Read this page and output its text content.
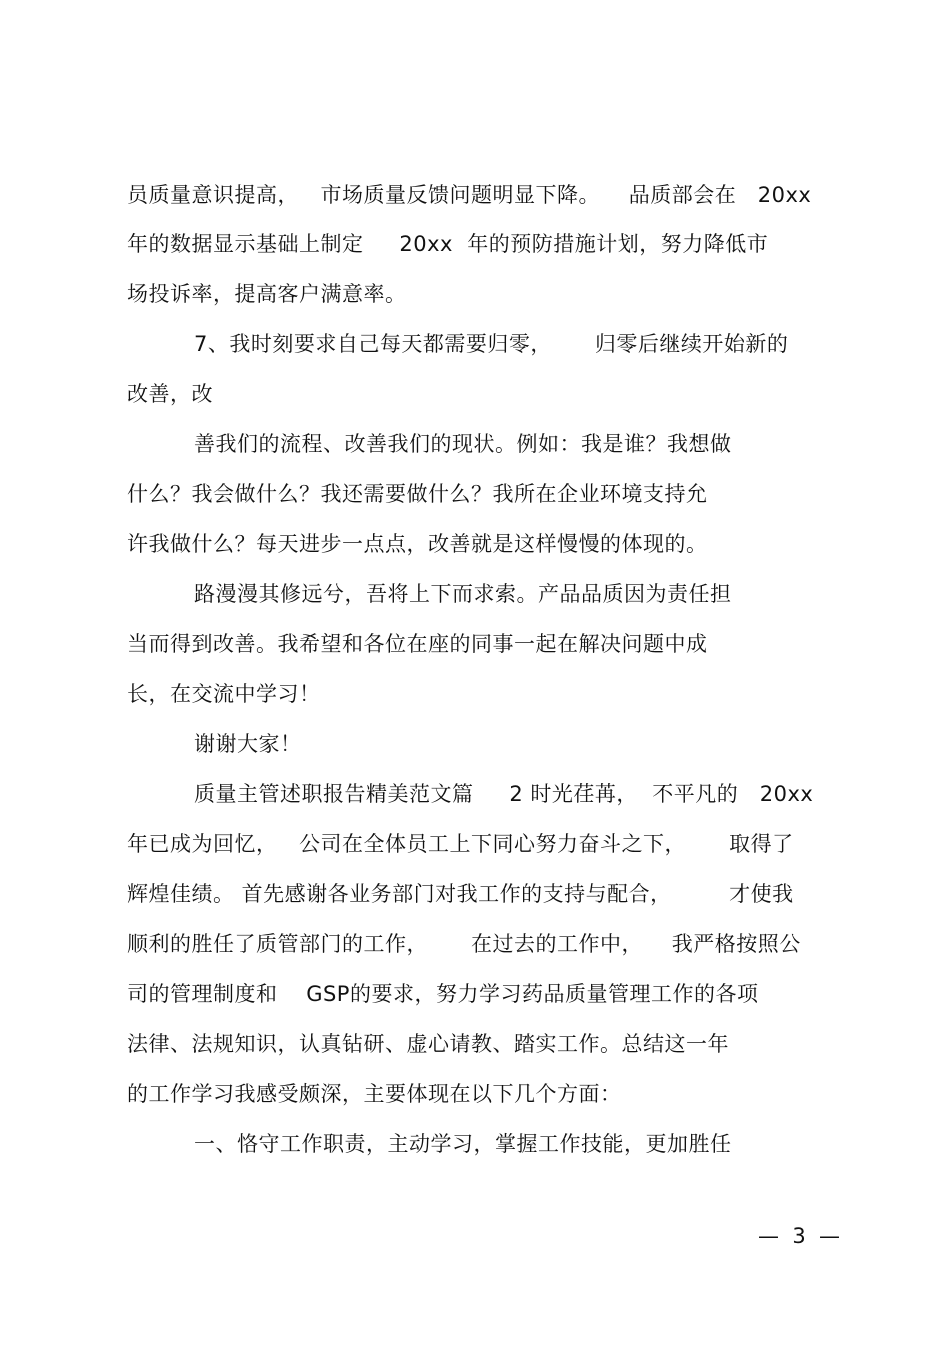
员质量意识提高，   市场质量反馈问题明显下降。    品质部会在   20xx
年的数据显示基础上制定     20xx  年的预防措施计划，努力降低市
场投诉率，提高客户满意率。
7、我时刻要求自己每天都需要归零，      归零后继续开始新的
改善，改
善我们的流程、改善我们的现状。例如：我是谁？我想做
什么？我会做什么？我还需要做什么？我所在企业环境支持允
许我做什么？每天进步一点点，改善就是这样慢慢的体现的。
路漫漫其修远兮，吾将上下而求索。产品品质因为责任担
当而得到改善。我希望和各位在座的同事一起在解决问题中成
长，在交流中学习！
谢谢大家！
质量主管述职报告精美范文篇     2 时光荏苒，  不平凡的   20xx
年已成为回忆，   公司在全体员工上下同心努力奋斗之下，      取得了
辉煌佳绩。 首先感谢各业务部门对我工作的支持与配合，        才使我
顺利的胜任了质管部门的工作，      在过去的工作中，    我严格按照公
司的管理制度和    GSP的要求，努力学习药品质量管理工作的各项
法律、法规知识，认真钻研、虚心请教、踏实工作。总结这一年
的工作学习我感受颇深，主要体现在以下几个方面：
一、恪守工作职责，主动学习，掌握工作技能，更加胜任
—  3  —
